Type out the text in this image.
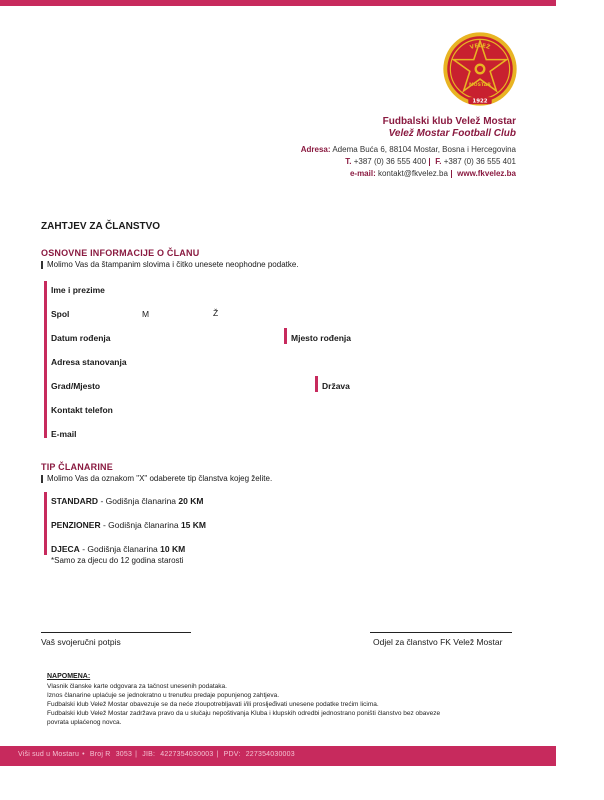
Viši sud u Mostaru • Broj R 3053 | JIB: 4227354030003 | PDV: 227354030003
VELEŽ
MOSTAR
1922
Fudbalski klub Velež Mostar
Velež Mostar Football Club
Adresa: Adema Buća 6, 88104 Mostar, Bosna i Hercegovina
T. +387 (0) 36 555 400 F. +387 (0) 36 555 401
e-mail: kontakt@fkvelez.ba www.fkvelez.ba
ZAHTJEV ZA ČLANSTVO
OSNOVNE INFORMACIJE O ČLANU
Molimo Vas da štampanim slovima i čitko unesete neophodne podatke.
Ime i prezime
Spol	M	Ž
Datum rođenja	Mjesto rođenja
Adresa stanovanja
Grad/Mjesto	Država
Kontakt telefon
E-mail
TIP ČLANARINE
Molimo Vas da oznakom "X" odaberete tip članstva kojeg želite.
STANDARD - Godišnja članarina 20 KM
PENZIONER - Godišnja članarina 15 KM
DJECA - Godišnja članarina 10 KM
*Samo za djecu do 12 godina starosti
Vaš svojeručni potpis	Odjel za članstvo FK Velež Mostar
NAPOMENA:
Vlasnik članske karte odgovara za tačnost unesenih podataka.
Iznos članarine uplaćuje se jednokratno u trenutku predaje popunjenog zahtjeva.
Fudbalski klub Velež Mostar obavezuje se da neće zloupotrebljavati i/ili prosljeđivati unesene podatke trećim licima.
Fudbalski klub Velež Mostar zadržava pravo da u slučaju nepoštivanja Kluba i klupskih odredbi jednostrano poništi članstvo bez obaveze
povrata uplaćenog novca.
